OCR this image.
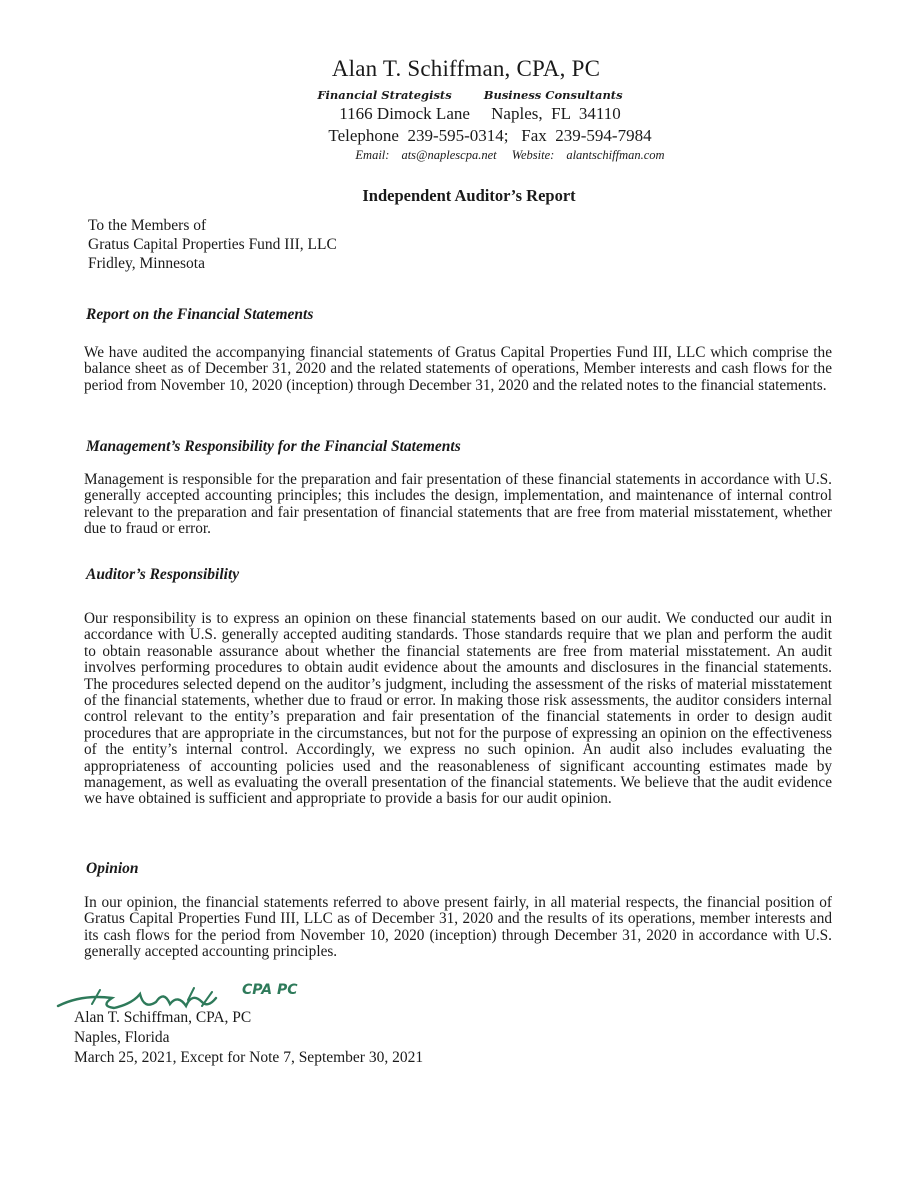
Alan T. Schiffman, CPA, PC
Financial Strategists	Business Consultants
1166 Dimock Lane     Naples,  FL  34110
Telephone  239-595-0314;   Fax  239-594-7984
Email: ats@naplescpa.net Website: alantschiffman.com
Independent Auditor’s Report
To the Members of
Gratus Capital Properties Fund III, LLC
Fridley, Minnesota
Report on the Financial Statements
We have audited the accompanying financial statements of Gratus Capital Properties Fund III, LLC which comprise the balance sheet as of December 31, 2020 and the related statements of operations, Member interests and cash flows for the period from November 10, 2020 (inception) through December 31, 2020 and the related notes to the financial statements.
Management’s Responsibility for the Financial Statements
Management is responsible for the preparation and fair presentation of these financial statements in accordance with U.S. generally accepted accounting principles; this includes the design, implementation, and maintenance of internal control relevant to the preparation and fair presentation of financial statements that are free from material misstatement, whether due to fraud or error.
Auditor’s Responsibility
Our responsibility is to express an opinion on these financial statements based on our audit. We conducted our audit in accordance with U.S. generally accepted auditing standards. Those standards require that we plan and perform the audit to obtain reasonable assurance about whether the financial statements are free from material misstatement. An audit involves performing procedures to obtain audit evidence about the amounts and disclosures in the financial statements. The procedures selected depend on the auditor’s judgment, including the assessment of the risks of material misstatement of the financial statements, whether due to fraud or error. In making those risk assessments, the auditor considers internal control relevant to the entity’s preparation and fair presentation of the financial statements in order to design audit procedures that are appropriate in the circumstances, but not for the purpose of expressing an opinion on the effectiveness of the entity’s internal control. Accordingly, we express no such opinion. An audit also includes evaluating the appropriateness of accounting policies used and the reasonableness of significant accounting estimates made by management, as well as evaluating the overall presentation of the financial statements. We believe that the audit evidence we have obtained is sufficient and appropriate to provide a basis for our audit opinion.
Opinion
In our opinion, the financial statements referred to above present fairly, in all material respects, the financial position of Gratus Capital Properties Fund III, LLC as of December 31, 2020 and the results of its operations, member interests and its cash flows for the period from November 10, 2020 (inception) through December 31, 2020 in accordance with U.S. generally accepted accounting principles.
CPA PC
Alan T. Schiffman, CPA, PC
Naples, Florida
March 25, 2021, Except for Note 7, September 30, 2021
